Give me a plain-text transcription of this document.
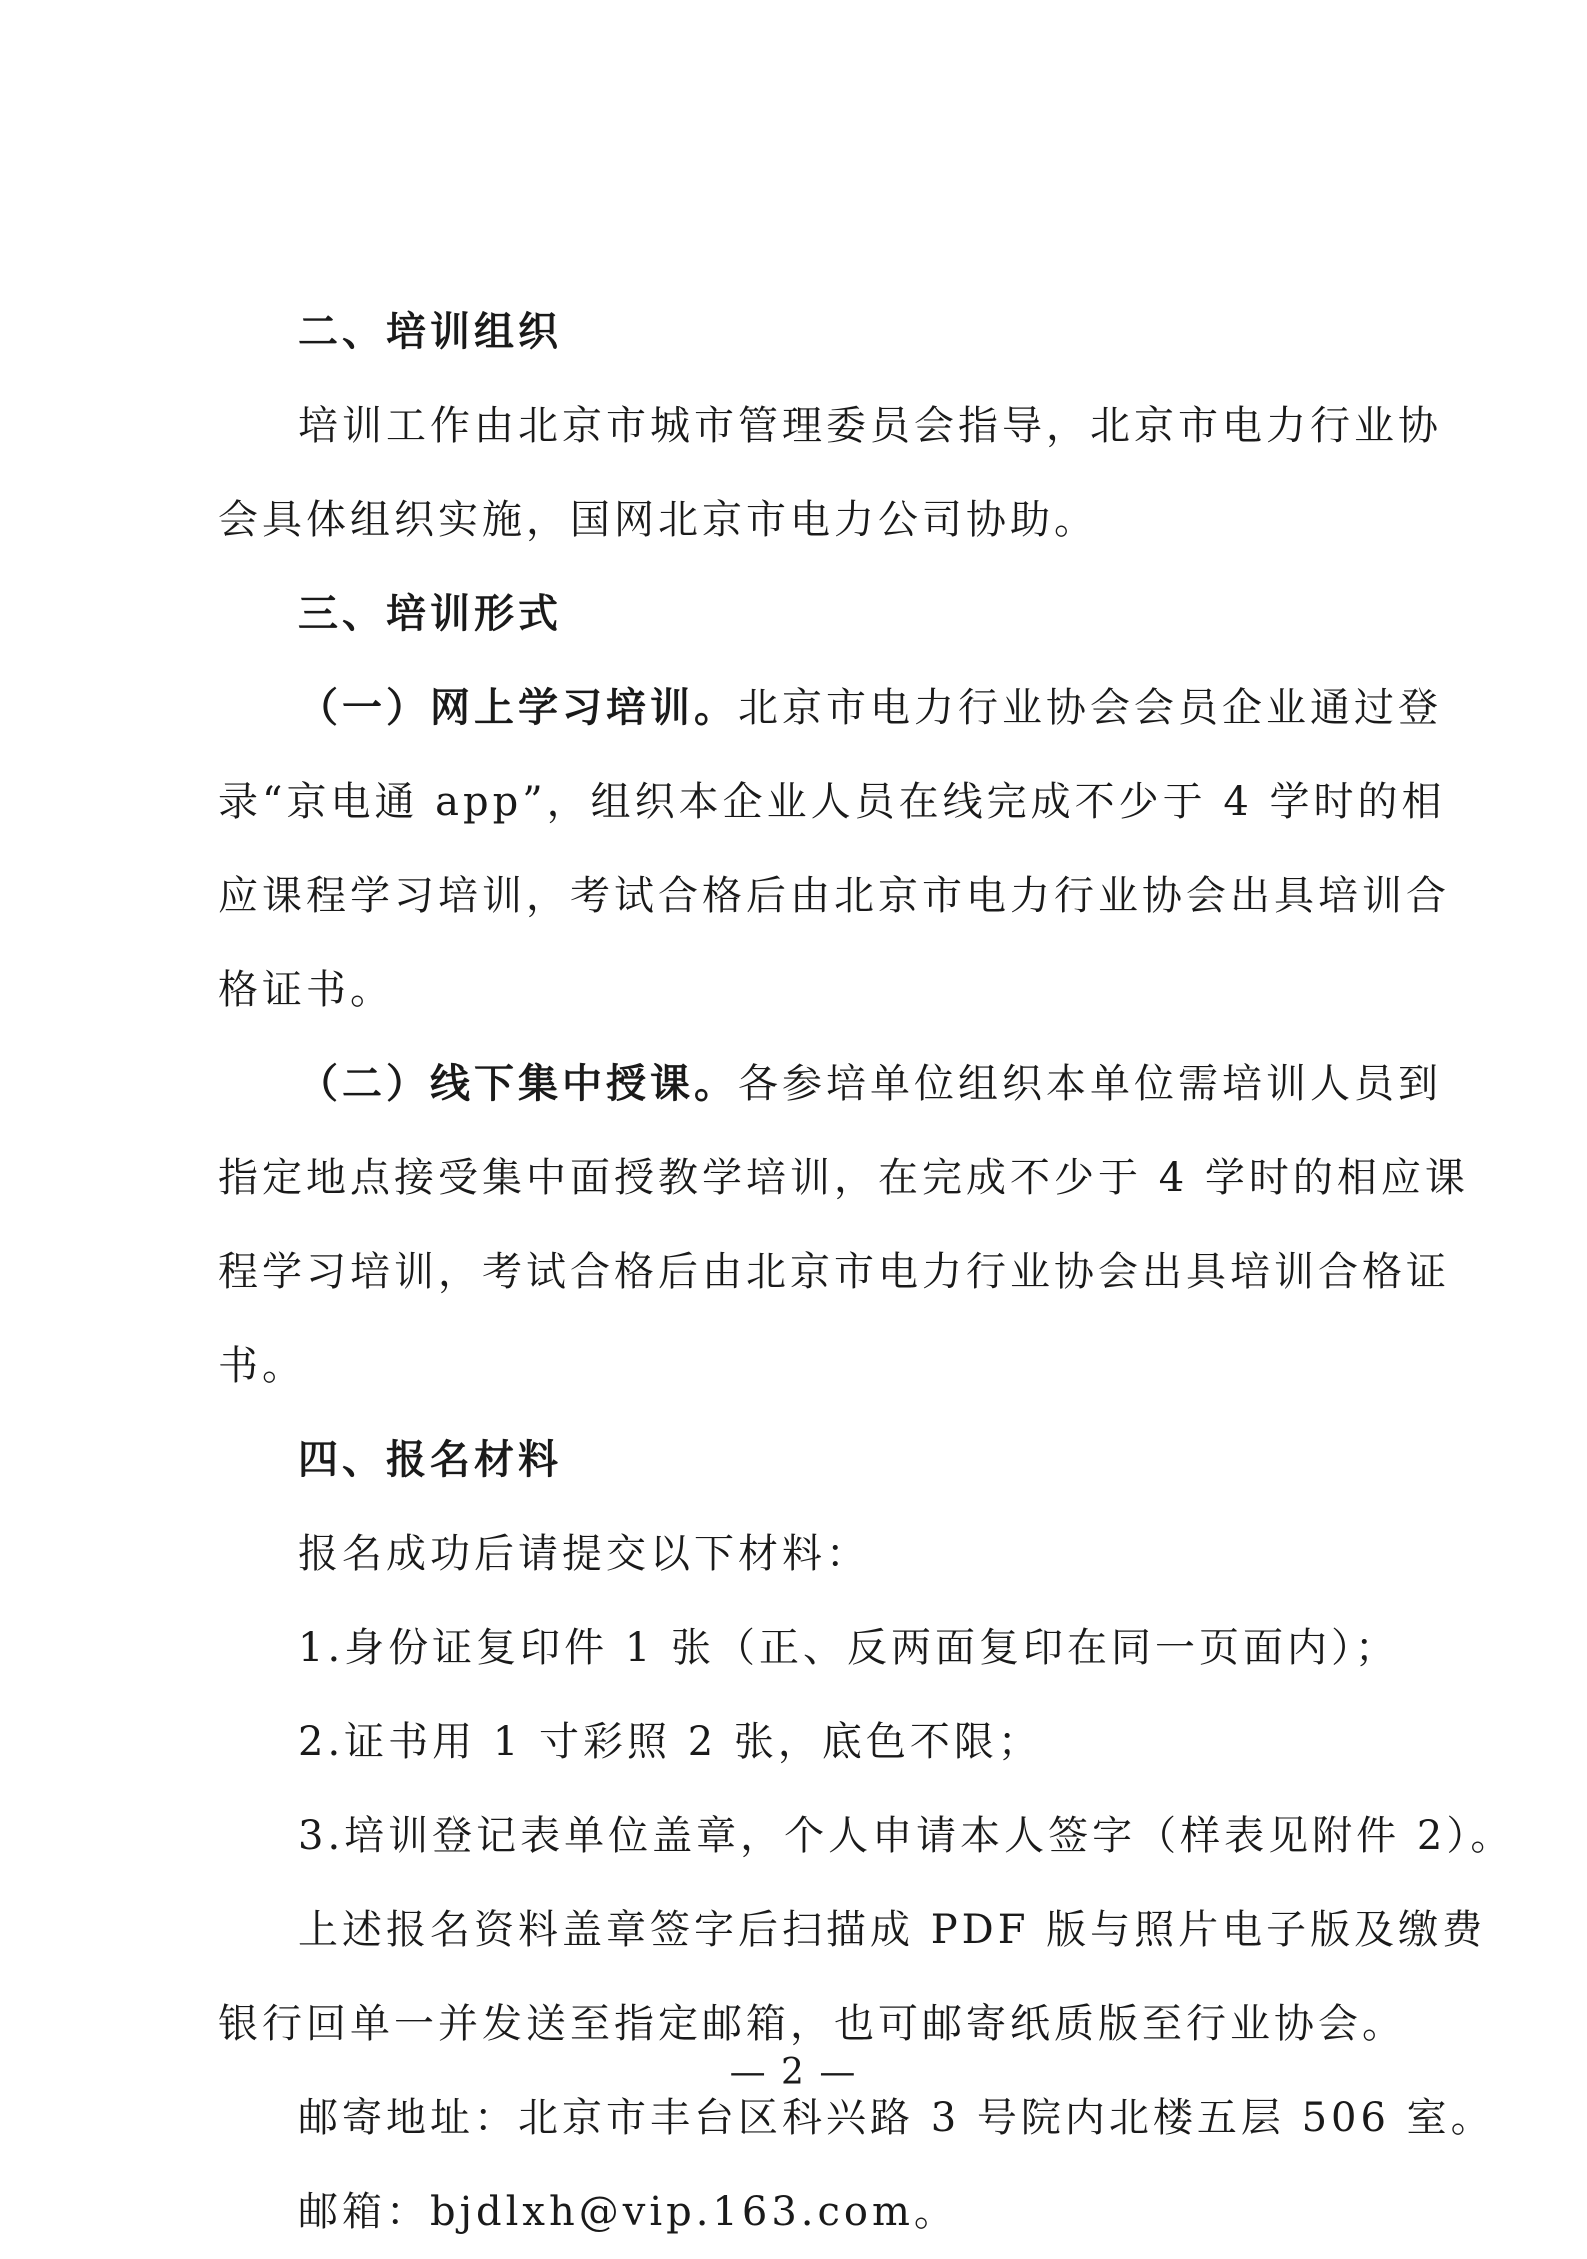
二、培训组织
培训工作由北京市城市管理委员会指导，北京市电力行业协
会具体组织实施，国网北京市电力公司协助。
三、培训形式
（一）网上学习培训。北京市电力行业协会会员企业通过登
录“京电通 app”，组织本企业人员在线完成不少于 4 学时的相
应课程学习培训，考试合格后由北京市电力行业协会出具培训合
格证书。
（二）线下集中授课。各参培单位组织本单位需培训人员到
指定地点接受集中面授教学培训，在完成不少于 4 学时的相应课
程学习培训，考试合格后由北京市电力行业协会出具培训合格证
书。
四、报名材料
报名成功后请提交以下材料：
1.身份证复印件 1 张（正、反两面复印在同一页面内）；
2.证书用 1 寸彩照 2 张，底色不限；
3.培训登记表单位盖章，个人申请本人签字（样表见附件 2）。
上述报名资料盖章签字后扫描成 PDF 版与照片电子版及缴费
银行回单一并发送至指定邮箱，也可邮寄纸质版至行业协会。
邮寄地址：北京市丰台区科兴路 3 号院内北楼五层 506 室。
邮箱：bjdlxh@vip.163.com。
— 2 —
